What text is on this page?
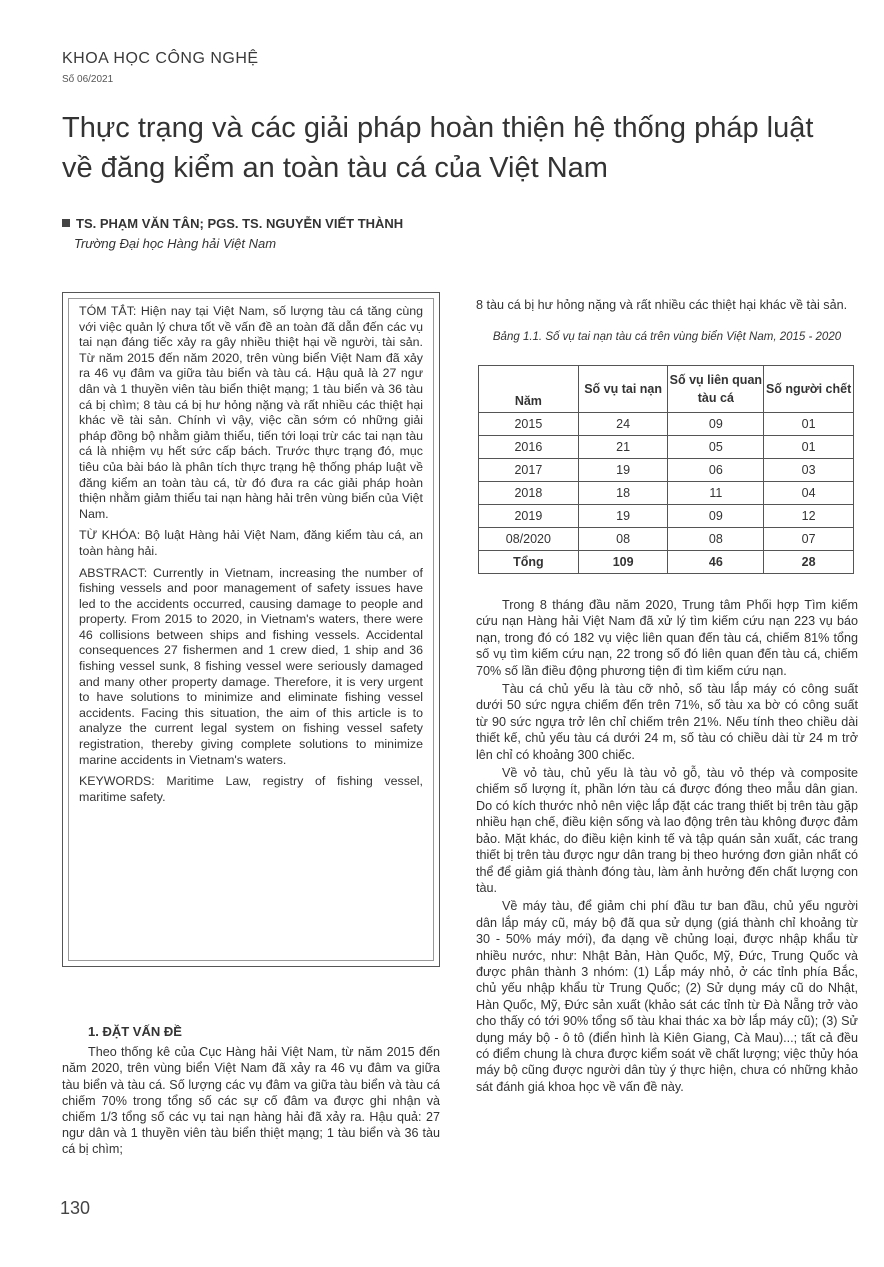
KHOA HỌC CÔNG NGHỆ
Số 06/2021
Thực trạng và các giải pháp hoàn thiện hệ thống pháp luật về đăng kiểm an toàn tàu cá của Việt Nam
TS. PHẠM VĂN TÂN; PGS. TS. NGUYỄN VIẾT THÀNH
Trường Đại học Hàng hải Việt Nam

TÓM TẮT: Hiện nay tại Việt Nam, số lượng tàu cá tăng cùng với việc quản lý chưa tốt về vấn đề an toàn đã dẫn đến các vụ tai nạn đáng tiếc xảy ra gây nhiều thiệt hại về người, tài sản. Từ năm 2015 đến năm 2020, trên vùng biển Việt Nam đã xảy ra 46 vụ đâm va giữa tàu biển và tàu cá. Hậu quả là 27 ngư dân và 1 thuyền viên tàu biển thiệt mạng; 1 tàu biển và 36 tàu cá bị chìm; 8 tàu cá bị hư hỏng nặng và rất nhiều các thiệt hại khác về tài sản. Chính vì vậy, việc cần sớm có những giải pháp đồng bộ nhằm giảm thiểu, tiến tới loại trừ các tai nạn tàu cá là nhiệm vụ hết sức cấp bách. Trước thực trạng đó, mục tiêu của bài báo là phân tích thực trạng hệ thống pháp luật về đăng kiểm an toàn tàu cá, từ đó đưa ra các giải pháp hoàn thiện nhằm giảm thiểu tai nạn hàng hải trên vùng biển của Việt Nam.

TỪ KHÓA: Bộ luật Hàng hải Việt Nam, đăng kiểm tàu cá, an toàn hàng hải.

ABSTRACT: Currently in Vietnam, increasing the number of fishing vessels and poor management of safety issues have led to the accidents occurred, causing damage to people and property. From 2015 to 2020, in Vietnam's waters, there were 46 collisions between ships and fishing vessels. Accidental consequences 27 fishermen and 1 crew died, 1 ship and 36 fishing vessel sunk, 8 fishing vessel were seriously damaged and many other property damage. Therefore, it is very urgent to have solutions to minimize and eliminate fishing vessel accidents. Facing this situation, the aim of this article is to analyze the current legal system on fishing vessel safety registration, thereby giving complete solutions to minimize marine accidents in Vietnam's waters.

KEYWORDS: Maritime Law, registry of fishing vessel, maritime safety.

1. ĐẶT VẤN ĐỀ

Theo thống kê của Cục Hàng hải Việt Nam, từ năm 2015 đến năm 2020, trên vùng biển Việt Nam đã xảy ra 46 vụ đâm va giữa tàu biển và tàu cá. Số lượng các vụ đâm va giữa tàu biển và tàu cá chiếm 70% trong tổng số các sự cố đâm va được ghi nhận và chiếm 1/3 tổng số các vụ tai nạn hàng hải đã xảy ra. Hậu quả: 27 ngư dân và 1 thuyền viên tàu biển thiệt mạng; 1 tàu biển và 36 tàu cá bị chìm;

8 tàu cá bị hư hỏng nặng và rất nhiều các thiệt hại khác về tài sản.

Bảng 1.1. Số vụ tai nạn tàu cá trên vùng biển Việt Nam, 2015 - 2020
Năm	Số vụ tai nạn	Số vụ liên quan tàu cá	Số người chết
2015	24	09	01
2016	21	05	01
2017	19	06	03
2018	18	11	04
2019	19	09	12
08/2020	08	08	07
Tổng	109	46	28

Trong 8 tháng đầu năm 2020, Trung tâm Phối hợp Tìm kiếm cứu nạn Hàng hải Việt Nam đã xử lý tìm kiếm cứu nạn 223 vụ báo nạn, trong đó có 182 vụ việc liên quan đến tàu cá, chiếm 81% tổng số vụ tìm kiếm cứu nạn, 22 trong số đó liên quan đến tàu cá, chiếm 70% số lần điều động phương tiện đi tìm kiếm cứu nạn.

Tàu cá chủ yếu là tàu cỡ nhỏ, số tàu lắp máy có công suất dưới 50 sức ngựa chiếm đến trên 71%, số tàu xa bờ có công suất từ 90 sức ngựa trở lên chỉ chiếm trên 21%. Nếu tính theo chiều dài thiết kế, chủ yếu tàu cá dưới 24 m, số tàu có chiều dài từ 24 m trở lên chỉ có khoảng 300 chiếc.

Về vỏ tàu, chủ yếu là tàu vỏ gỗ, tàu vỏ thép và composite chiếm số lượng ít, phần lớn tàu cá được đóng theo mẫu dân gian. Do có kích thước nhỏ nên việc lắp đặt các trang thiết bị trên tàu gặp nhiều hạn chế, điều kiện sống và lao động trên tàu không được đảm bảo. Mặt khác, do điều kiện kinh tế và tập quán sản xuất, các trang thiết bị trên tàu được ngư dân trang bị theo hướng đơn giản nhất có thể để giảm giá thành đóng tàu, làm ảnh hưởng đến chất lượng con tàu.

Về máy tàu, để giảm chi phí đầu tư ban đầu, chủ yếu người dân lắp máy cũ, máy bộ đã qua sử dụng (giá thành chỉ khoảng từ 30 - 50% máy mới), đa dạng về chủng loại, được nhập khẩu từ nhiều nước, như: Nhật Bản, Hàn Quốc, Mỹ, Đức, Trung Quốc và được phân thành 3 nhóm: (1) Lắp máy nhỏ, ở các tỉnh phía Bắc, chủ yếu nhập khẩu từ Trung Quốc; (2) Sử dụng máy cũ do Nhật, Hàn Quốc, Mỹ, Đức sản xuất (khảo sát các tỉnh từ Đà Nẵng trở vào cho thấy có tới 90% tổng số tàu khai thác xa bờ lắp máy cũ); (3) Sử dụng máy bộ - ô tô (điển hình là Kiên Giang, Cà Mau)...; tất cả đều có điểm chung là chưa được kiểm soát về chất lượng; việc thủy hóa máy bộ cũng được người dân tùy ý thực hiện, chưa có những khảo sát đánh giá khoa học về vấn đề này.

130
